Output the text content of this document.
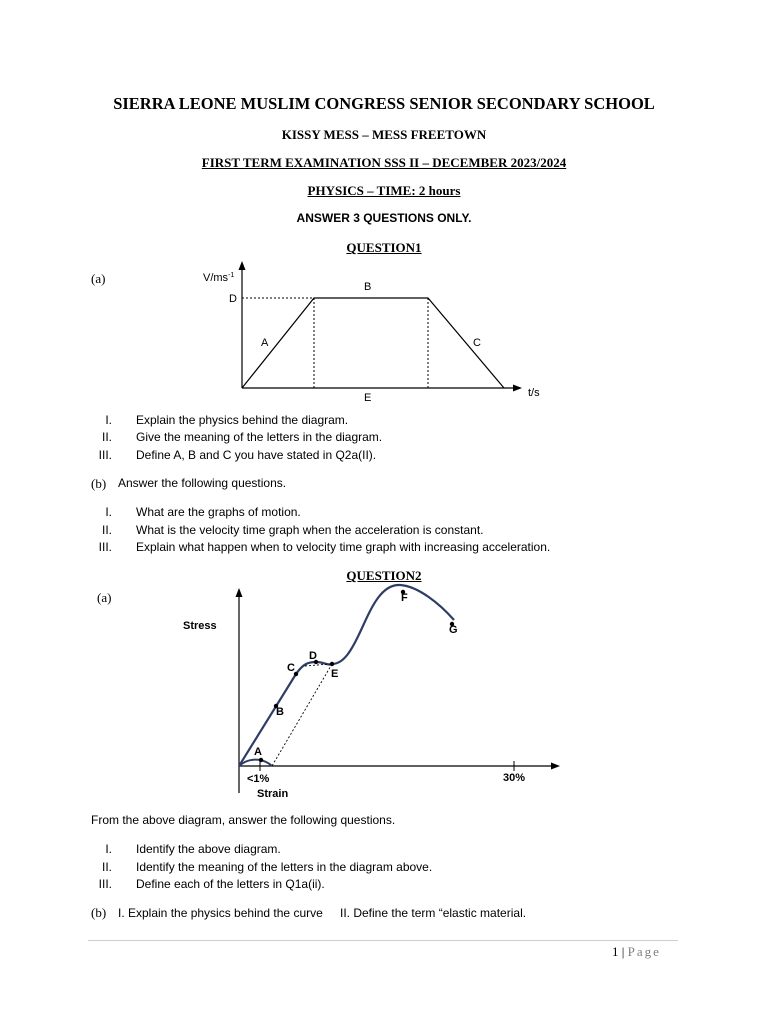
SIERRA LEONE MUSLIM CONGRESS SENIOR SECONDARY SCHOOL
KISSY MESS – MESS FREETOWN
FIRST TERM EXAMINATION SSS II – DECEMBER 2023/2024
PHYSICS – TIME: 2 hours
ANSWER 3 QUESTIONS ONLY.
QUESTION1
(a)	$V/ms^{-1}$
D
A
B
C
E	t/s
I. Explain the physics behind the diagram.
II. Give the meaning of the letters in the diagram.
III. Define A, B and C you have stated in Q2a(II).
(b) Answer the following questions.
I. What are the graphs of motion.
II. What is the velocity time graph when the acceleration is constant.
III. Explain what happen when to velocity time graph with increasing acceleration.
QUESTION2
(a)
Stress
A
B
C
D
E
F
G
<1%	30%
Strain
From the above diagram, answer the following questions.
I. Identify the above diagram.
II. Identify the meaning of the letters in the diagram above.
III. Define each of the letters in Q1a(ii).
(b) I. Explain the physics behind the curve II. Define the term “elastic material.
1 | Page
